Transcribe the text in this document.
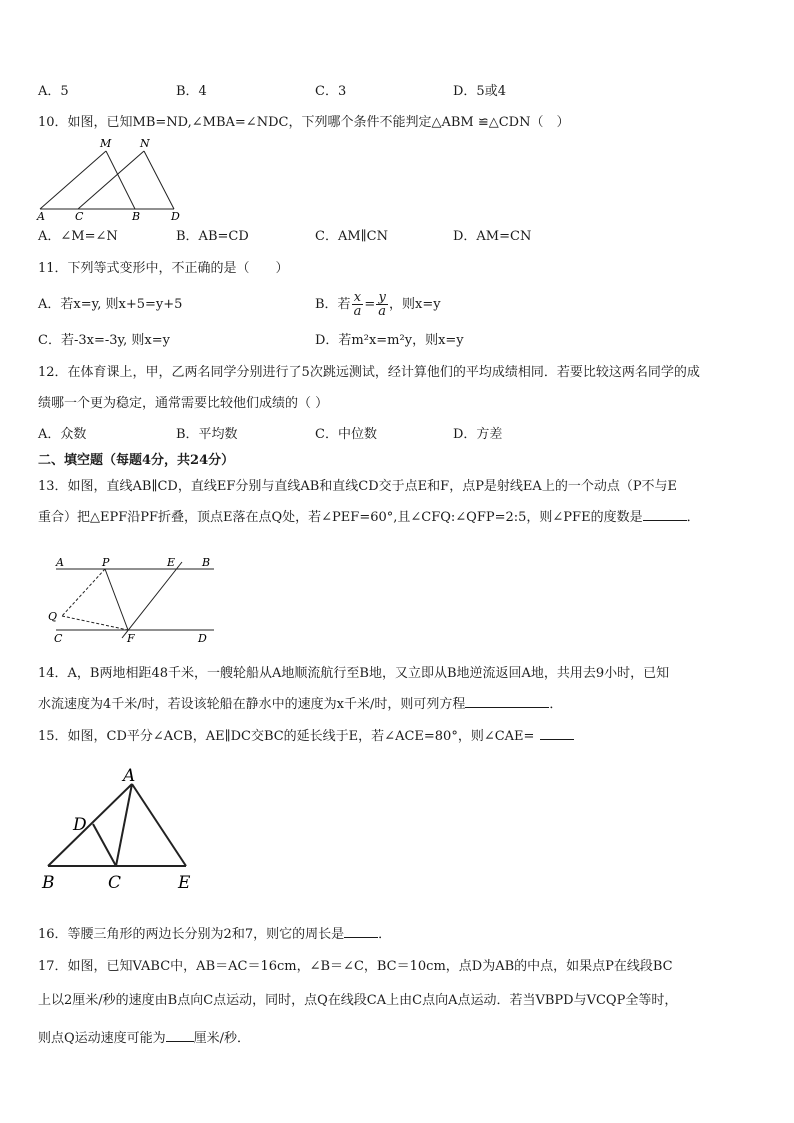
A．5	B．4	C．3	D．5或4
10．如图，已知MB=ND,∠MBA=∠NDC，下列哪个条件不能判定△ABM ≌△CDN（　）
M	N
A	C	B	D
A．∠M=∠N	B．AB=CD	C．AM∥CN	D．AM=CN
11．下列等式变形中，不正确的是（　　）
A．若x=y, 则x+5=y+5	B．若 $\frac{x}{a} = \frac{y}{a}$ ，则x=y
C．若-3x=-3y, 则x=y	D．若m²x=m²y，则x=y
12．在体育课上，甲，乙两名同学分别进行了5次跳远测试，经计算他们的平均成绩相同．若要比较这两名同学的成
绩哪一个更为稳定，通常需要比较他们成绩的（ ）
A．众数	B．平均数	C．中位数	D．方差
二、填空题（每题4分，共24分）
13．如图，直线AB∥CD，直线EF分别与直线AB和直线CD交于点E和F，点P是射线EA上的一个动点（P不与E
重合）把△EPF沿PF折叠，顶点E落在点Q处，若∠PEF=60°,且∠CFQ:∠QFP=2:5，则∠PFE的度数是	．
A	P	E B
Q
C	F	D
14．A，B两地相距48千米，一艘轮船从A地顺流航行至B地，又立即从B地逆流返回A地，共用去9小时，已知
水流速度为4千米/时，若设该轮船在静水中的速度为x千米/时，则可列方程	．
15．如图，CD平分∠ACB，AE∥DC交BC的延长线于E，若∠ACE=80°，则∠CAE=
A
D
B	C	E
16．等腰三角形的两边长分别为2和7，则它的周长是	．
17．如图，已知VABC中，AB＝AC＝16cm，∠B＝∠C，BC＝10cm，点D为AB的中点，如果点P在线段BC
上以2厘米/秒的速度由B点向C点运动，同时，点Q在线段CA上由C点向A点运动．若当VBPD与VCQP全等时，
则点Q运动速度可能为 厘米/秒．
